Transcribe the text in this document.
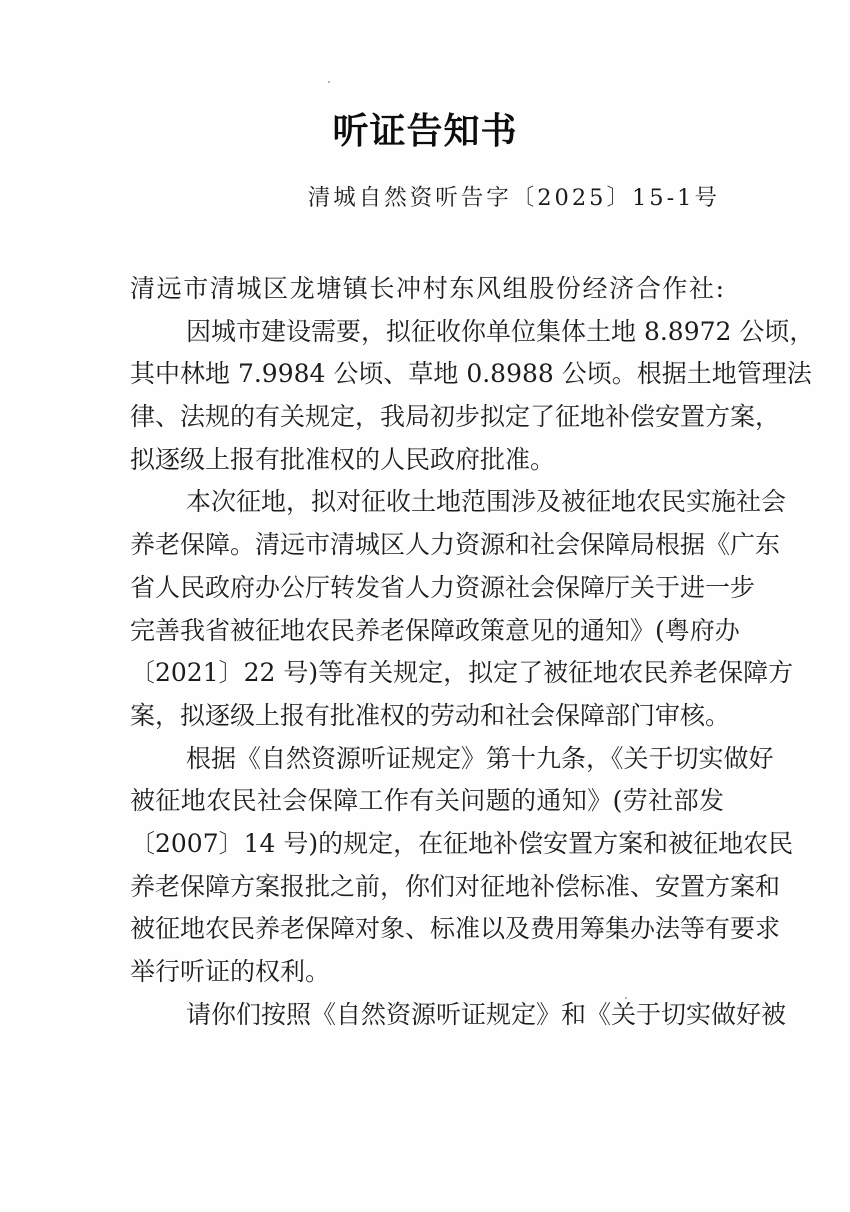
听证告知书
清城自然资听告字〔2025〕15-1号
清远市清城区龙塘镇长冲村东风组股份经济合作社:
因城市建设需要，拟征收你单位集体土地 8.8972 公顷，
其中林地 7.9984 公顷、草地 0.8988 公顷。根据土地管理法
律、法规的有关规定，我局初步拟定了征地补偿安置方案，
拟逐级上报有批准权的人民政府批准。
本次征地，拟对征收土地范围涉及被征地农民实施社会
养老保障。清远市清城区人力资源和社会保障局根据《广东
省人民政府办公厅转发省人力资源社会保障厅关于进一步
完善我省被征地农民养老保障政策意见的通知》(粤府办
〔2021〕22 号)等有关规定，拟定了被征地农民养老保障方
案，拟逐级上报有批准权的劳动和社会保障部门审核。
根据《自然资源听证规定》第十九条，《关于切实做好
被征地农民社会保障工作有关问题的通知》(劳社部发
〔2007〕14 号)的规定，在征地补偿安置方案和被征地农民
养老保障方案报批之前，你们对征地补偿标准、安置方案和
被征地农民养老保障对象、标准以及费用筹集办法等有要求
举行听证的权利。
请你们按照《自然资源听证规定》和《关于切实做好被
